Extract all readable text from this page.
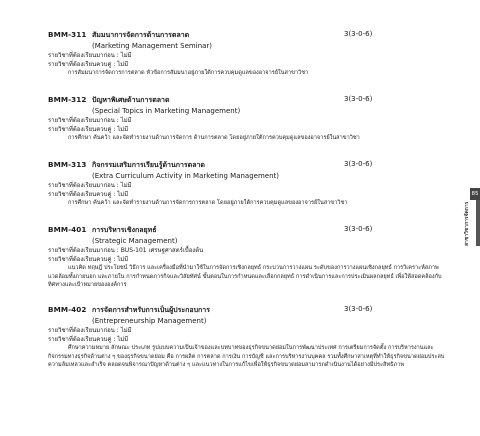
BMM-311 สัมมนาการจัดการด้านการตลาด	3(3-0-6)
(Marketing Management Seminar)
รายวิชาที่ต้องเรียนมาก่อน : ไม่มี
รายวิชาที่ต้องเรียนควบคู่ : ไม่มี
การสัมมนาการจัดการการตลาด หัวข้อการสัมมนาอยู่ภายใต้การควบคุมดูแลของอาจารย์ในสาขาวิชา
BMM-312 ปัญหาพิเศษด้านการตลาด	3(3-0-6)
(Special Topics in Marketing Management)
รายวิชาที่ต้องเรียนมาก่อน : ไม่มี
รายวิชาที่ต้องเรียนควบคู่ : ไม่มี
การศึกษา ค้นคว้า และจัดทำรายงานด้านการจัดการ ด้านการตลาด โดยอยู่ภายใต้การควบคุมดูแลของอาจารย์ในสาขาวิชา
BMM-313 กิจกรรมเสริมการเรียนรู้ด้านการตลาด	3(3-0-6)
(Extra Curriculum Activity in Marketing Management)
รายวิชาที่ต้องเรียนมาก่อน : ไม่มี
รายวิชาที่ต้องเรียนควบคู่ : ไม่มี
การศึกษา ค้นคว้า และจัดทำรายงานด้านการจัดการการตลาด โดยอยู่ภายใต้การควบคุมดูแลของอาจารย์ในสาขาวิชา
BMM-401 การบริหารเชิงกลยุทธ์	3(3-0-6)
(Strategic Management)
รายวิชาที่ต้องเรียนมาก่อน : BUS-101 เศรษฐศาสตร์เบื้องต้น
รายวิชาที่ต้องเรียนควบคู่ : ไม่มี
แนวคิด ทฤษฎี ประโยชน์ วิธีการ และเครื่องมือที่นำมาใช้ในการจัดการเชิงกลยุทธ์ กระบวนการวางแผน ระดับของการวางแผนเชิงกลยุทธ์ การวิเคราะห์สภาพแวดล้อมทั้งภายนอก และภายใน การกำหนดภารกิจและวิสัยทัศน์ ขั้นตอนในการกำหนดและเลือกกลยุทธ์ การดำเนินการและการประเมินผลกลยุทธ์ เพื่อให้สอดคล้องกับทิศทางและเป้าหมายขององค์การ
BMM-402 การจัดการสำหรับการเป็นผู้ประกอบการ	3(3-0-6)
(Entrepreneurship Management)
รายวิชาที่ต้องเรียนมาก่อน : ไม่มี
รายวิชาที่ต้องเรียนควบคู่ : ไม่มี
ศึกษาความหมาย ลักษณะ ประเภท รูปแบบความเป็นเจ้าของและบทบาทของธุรกิจขนาดย่อมในการพัฒนาประเทศ การเตรียมการจัดตั้ง การบริหารงานและกิจกรรมทางธุรกิจด้านต่าง ๆ ของธุรกิจขนาดย่อม คือ การผลิต การตลาด การเงิน การบัญชี และการบริหารงานบุคคล รวมทั้งศึกษาสาเหตุที่ทำให้ธุรกิจขนาดย่อมประสบความล้มเหลวและสำเร็จ ตลอดจนพิจารณาปัญหาด้านต่าง ๆ และแนวทางในการแก้ไขเพื่อให้ธุรกิจขนาดย่อมสามารถดำเนินงานได้อย่างมีประสิทธิภาพ
85
สาขาวิชาการจัดการ
